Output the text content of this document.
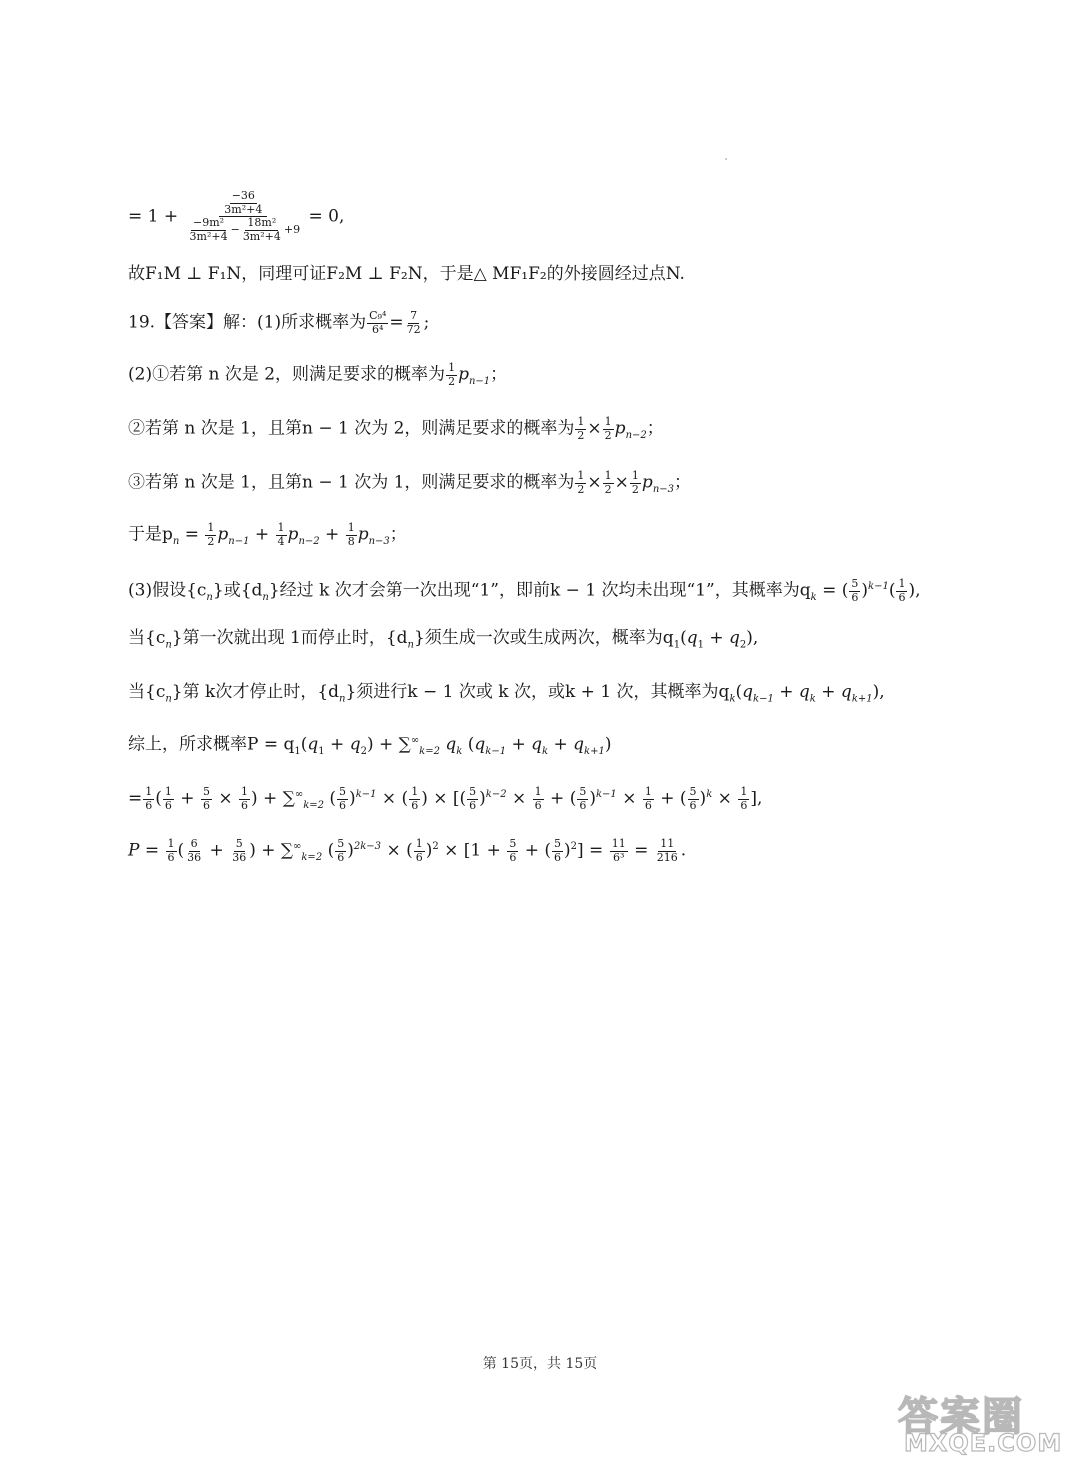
= $1 + \frac{\frac{-36}{\text{3m²+4}}}{\frac{\text{−9m²}}{\text{3m²+4}} - \frac{\text{18m²}}{\text{3m²+4}} +9} = 0$,
故F₁M ⊥ F₁N，同理可证F₂M ⊥ F₂N，于是△ MF₁F₂的外接圆经过点N.
19.【答案】解：(1)所求概率为 $\frac{\text{C₉⁴}}{\text{6⁴}} = \frac{7}{72}$ ;
(2)①若第 n 次是 2，则满足要求的概率为 $\frac{1}{2} p_{n-1}$；
②若第 n 次是 1，且第n − 1 次为 2，则满足要求的概率为 $\frac{1}{2} \times \frac{1}{2} p_{n-2}$；
③若第 n 次是 1，且第n − 1 次为 1，则满足要求的概率为 $\frac{1}{2} \times \frac{1}{2} \times \frac{1}{2} p_{n-3}$；
于是$p_n = \frac{1}{2} p_{n-1} + \frac{1}{4} p_{n-2} + \frac{1}{8} p_{n-3}$；
(3)假设$\{c_n\}$或$\{d_n\}$经过 k 次才会第一次出现“1”，即前k − 1 次均未出现“1”，其概率为$q_k$ = ( $\frac{5}{6} )^{k-1}( \frac{1}{6}$ ),
当$\{c_n\}$第一次就出现 1而停止时，$\{d_n\}$须生成一次或生成两次，概率为$q_1(q_1 + q_2)$,
当$\{c_n\}$第 k次才停止时，$\{d_n\}$须进行k − 1 次或 k 次，或k + 1 次，其概率为$q_k(q_{k-1} + q_k + q_{k+1})$,
综上，所求概率$P = q_1(q_1 + q_2) + \sum^\infty_{k=2}$ $q_k$ $(q_{k-1} + q_k + q_{k+1})$
= $\frac{1}{6}$ ( $\frac{1}{6} + \frac{5}{6} \times \frac{1}{6}$ ) + $\sum^\infty_{k=2}$ ( $\frac{5}{6} )^{k-1}$ × ( $\frac{1}{6}$ ) × [( $\frac{5}{6} )^{k-2} \times \frac{1}{6}$ + ( $\frac{5}{6} )^{k-1} \times \frac{1}{6}$ + ( $\frac{5}{6} )^k \times \frac{1}{6}$ ],
$P = \frac{1}{6}$ ( $\frac{6}{36} + \frac{5}{36}$ ) + $\sum^\infty_{k=2}$ ( $\frac{5}{6} )^{2k-3}$ × ( $\frac{1}{6} )^2 \times [1 + \frac{5}{6}$ + ( $\frac{5}{6} )^2] = \frac{11}{\text{6³}} = \frac{11}{216}$ .
第 15页，共 15页
答案圈
MXQE.COM
